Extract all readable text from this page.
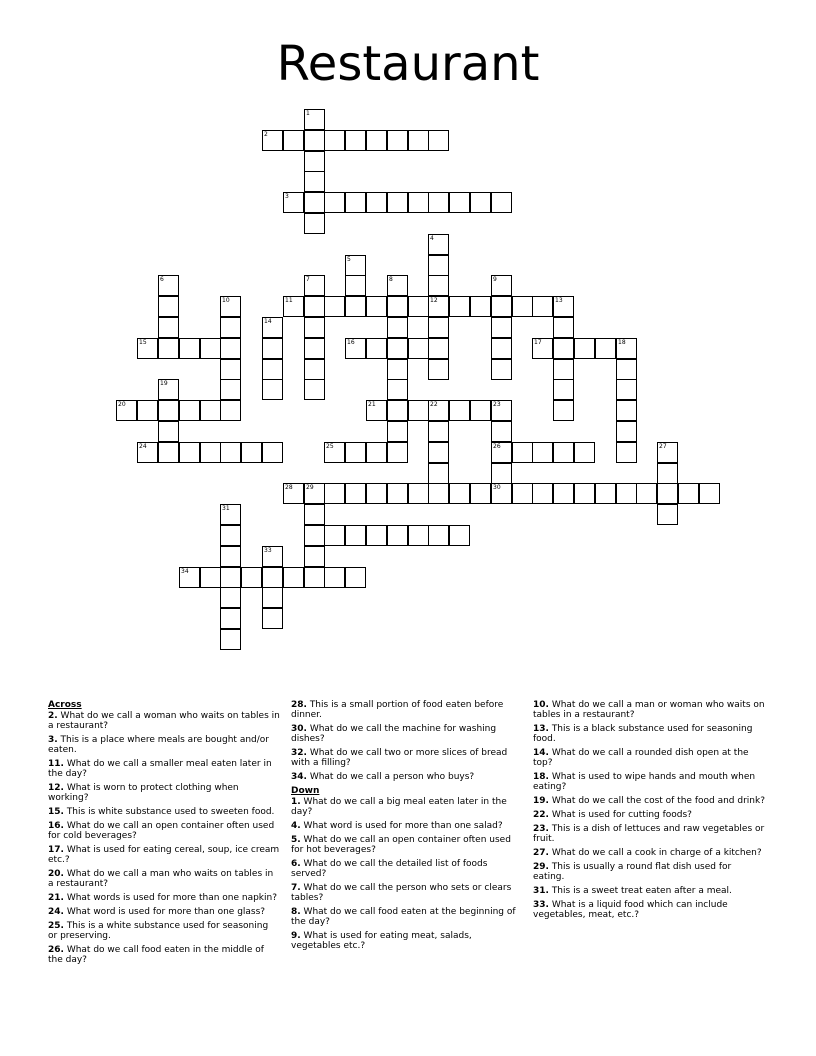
Restaurant
1
2
3
4
12
5
6	7	8	9
10	11	13
14
15	16	17	18
19
20	21	22	23
26
30
24	25	27
28 29
31
33
34
Across
2. What do we call a woman who waits on tables in a restaurant?
3. This is a place where meals are bought and/or eaten.
11. What do we call a smaller meal eaten later in the day?
12. What is worn to protect clothing when working?
15. This is white substance used to sweeten food.
16. What do we call an open container often used for cold beverages?
17. What is used for eating cereal, soup, ice cream etc.?
20. What do we call a man who waits on tables in a restaurant?
21. What words is used for more than one napkin?
24. What word is used for more than one glass?
25. This is a white substance used for seasoning or preserving.
26. What do we call food eaten in the middle of the day?
28. This is a small portion of food eaten before dinner.
30. What do we call the machine for washing dishes?
32. What do we call two or more slices of bread with a filling?
34. What do we call a person who buys?
Down
1. What do we call a big meal eaten later in the day?
4. What word is used for more than one salad?
5. What do we call an open container often used for hot beverages?
6. What do we call the detailed list of foods served?
7. What do we call the person who sets or clears tables?
8. What do we call food eaten at the beginning of the day?
9. What is used for eating meat, salads, vegetables etc.?
10. What do we call a man or woman who waits on tables in a restaurant?
13. This is a black substance used for seasoning food.
14. What do we call a rounded dish open at the top?
18. What is used to wipe hands and mouth when eating?
19. What do we call the cost of the food and drink?
22. What is used for cutting foods?
23. This is a dish of lettuces and raw vegetables or fruit.
27. What do we call a cook in charge of a kitchen?
29. This is usually a round flat dish used for eating.
31. This is a sweet treat eaten after a meal.
33. What is a liquid food which can include vegetables, meat, etc.?
